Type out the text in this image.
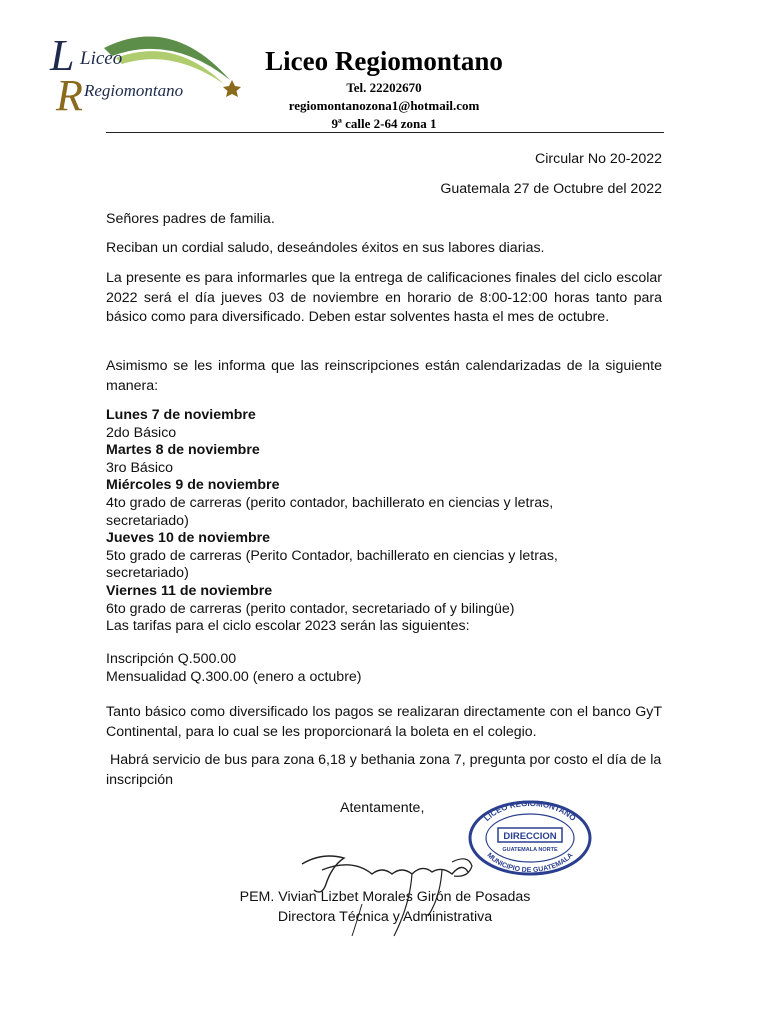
L Liceo
R Regiomontano
Liceo Regiomontano
Tel. 22202670
regiomontanozona1@hotmail.com
9ª calle 2-64 zona 1
Circular No 20-2022
Guatemala 27 de Octubre del 2022
Señores padres de familia.
Reciban un cordial saludo, deseándoles éxitos en sus labores diarias.
La presente es para informarles que la entrega de calificaciones finales del ciclo escolar 2022 será el día jueves 03 de noviembre en horario de 8:00-12:00 horas tanto para básico como para diversificado. Deben estar solventes hasta el mes de octubre.
Asimismo se les informa que las reinscripciones están calendarizadas de la siguiente manera:
Lunes 7 de noviembre
2do Básico
Martes 8 de noviembre
3ro Básico
Miércoles 9 de noviembre
4to grado de carreras (perito contador, bachillerato en ciencias y letras,
secretariado)
Jueves 10 de noviembre
5to grado de carreras (Perito Contador, bachillerato en ciencias y letras,
secretariado)
Viernes 11 de noviembre
6to grado de carreras (perito contador, secretariado of y bilingüe)
Las tarifas para el ciclo escolar 2023 serán las siguientes:
Inscripción Q.500.00
Mensualidad Q.300.00 (enero a octubre)
Tanto básico como diversificado los pagos se realizaran directamente con el banco GyT Continental, para lo cual se les proporcionará la boleta en el colegio.
Habrá servicio de bus para zona 6,18 y bethania zona 7, pregunta por costo el día de la inscripción
Atentamente,
LICEO REGIOMONTANO
DIRECCION
GUATEMALA NORTE
MUNICIPIO DE GUATEMALA
PEM. Vivian Lizbet Morales Girón de Posadas
Directora Técnica y Administrativa
